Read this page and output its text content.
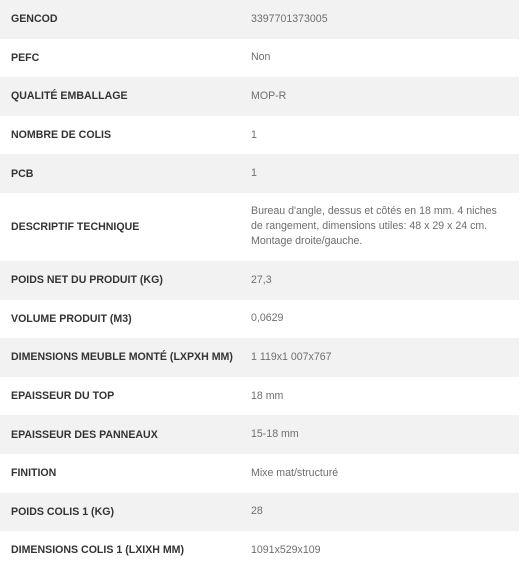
GENCOD	3397701373005
PEFC	Non
QUALITÉ EMBALLAGE	MOP-R
NOMBRE DE COLIS	1
PCB	1
DESCRIPTIF TECHNIQUE	Bureau d'angle, dessus et côtés en 18 mm. 4 niches de rangement, dimensions utiles: 48 x 29 x 24 cm. Montage droite/gauche.
POIDS NET DU PRODUIT (KG)	27,3
VOLUME PRODUIT (M3)	0,0629
DIMENSIONS MEUBLE MONTÉ (LXPXH MM)	1 119x1 007x767
EPAISSEUR DU TOP	18 mm
EPAISSEUR DES PANNEAUX	15-18 mm
FINITION	Mixe mat/structuré
POIDS COLIS 1 (KG)	28
DIMENSIONS COLIS 1 (LXIXH MM)	1091x529x109
